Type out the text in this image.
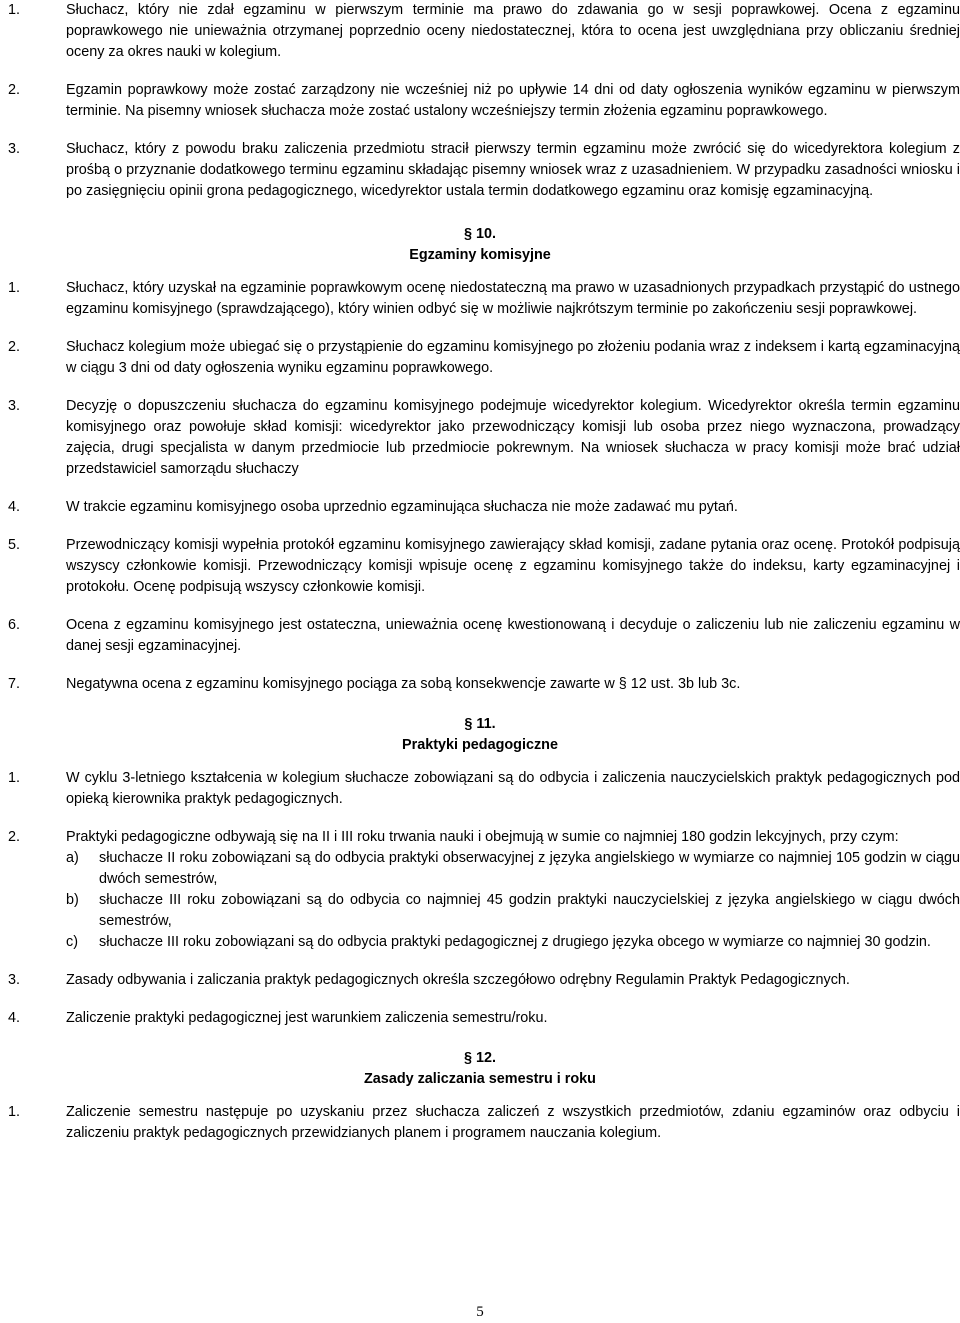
1.	Słuchacz, który nie zdał egzaminu w pierwszym terminie ma prawo do zdawania go w sesji poprawkowej. Ocena z egzaminu poprawkowego nie unieważnia otrzymanej poprzednio oceny niedostatecznej, która to ocena jest uwzględniana przy obliczaniu średniej oceny za okres nauki w kolegium.
2.	Egzamin poprawkowy może zostać zarządzony nie wcześniej niż po upływie 14 dni od daty ogłoszenia wyników egzaminu w pierwszym terminie. Na pisemny wniosek słuchacza może zostać ustalony wcześniejszy termin złożenia egzaminu poprawkowego.
3.	Słuchacz, który z powodu braku zaliczenia przedmiotu stracił pierwszy termin egzaminu może zwrócić się do wicedyrektora kolegium z prośbą o przyznanie dodatkowego terminu egzaminu składając pisemny wniosek wraz z uzasadnieniem. W przypadku zasadności wniosku i po zasięgnięciu opinii grona pedagogicznego, wicedyrektor ustala termin dodatkowego egzaminu oraz komisję egzaminacyjną.
§ 10.
Egzaminy komisyjne
1.	Słuchacz, który uzyskał na egzaminie poprawkowym ocenę niedostateczną ma prawo w uzasadnionych przypadkach przystąpić do ustnego egzaminu komisyjnego (sprawdzającego), który winien odbyć się w możliwie najkrótszym terminie po zakończeniu sesji poprawkowej.
2.	Słuchacz kolegium może ubiegać się o przystąpienie do egzaminu komisyjnego po złożeniu podania wraz z indeksem i kartą egzaminacyjną w ciągu 3 dni od daty ogłoszenia wyniku egzaminu poprawkowego.
3.	Decyzję o dopuszczeniu słuchacza do egzaminu komisyjnego podejmuje wicedyrektor kolegium. Wicedyrektor określa termin egzaminu komisyjnego oraz powołuje skład komisji: wicedyrektor jako przewodniczący komisji lub osoba przez niego wyznaczona, prowadzący zajęcia, drugi specjalista w danym przedmiocie lub przedmiocie pokrewnym. Na wniosek słuchacza w pracy komisji może brać udział przedstawiciel samorządu słuchaczy
4.	W trakcie egzaminu komisyjnego osoba uprzednio egzaminująca słuchacza nie może zadawać mu pytań.
5.	Przewodniczący komisji wypełnia protokół egzaminu komisyjnego zawierający skład komisji, zadane pytania oraz ocenę. Protokół podpisują wszyscy członkowie komisji. Przewodniczący komisji wpisuje ocenę z egzaminu komisyjnego także do indeksu, karty egzaminacyjnej i protokołu. Ocenę podpisują wszyscy członkowie komisji.
6.	Ocena z egzaminu komisyjnego jest ostateczna, unieważnia ocenę kwestionowaną i decyduje o zaliczeniu lub nie zaliczeniu egzaminu w danej sesji egzaminacyjnej.
7.	Negatywna ocena z egzaminu komisyjnego pociąga za sobą konsekwencje zawarte w § 12 ust. 3b lub 3c.
§ 11.
Praktyki pedagogiczne
1.	W cyklu 3-letniego kształcenia w kolegium słuchacze zobowiązani są do odbycia i zaliczenia nauczycielskich praktyk pedagogicznych pod opieką kierownika praktyk pedagogicznych.
2.	Praktyki pedagogiczne odbywają się na II i III roku trwania nauki i obejmują w sumie co najmniej 180 godzin lekcyjnych, przy czym:
a) słuchacze II roku zobowiązani są do odbycia praktyki obserwacyjnej z języka angielskiego w wymiarze co najmniej 105 godzin w ciągu dwóch semestrów,
b) słuchacze III roku zobowiązani są do odbycia co najmniej 45 godzin praktyki nauczycielskiej z języka angielskiego w ciągu dwóch semestrów,
c) słuchacze III roku zobowiązani są do odbycia praktyki pedagogicznej z drugiego języka obcego w wymiarze co najmniej 30 godzin.
3.	Zasady odbywania i zaliczania praktyk pedagogicznych określa szczegółowo odrębny Regulamin Praktyk Pedagogicznych.
4.	Zaliczenie praktyki pedagogicznej jest warunkiem zaliczenia semestru/roku.
§ 12.
Zasady zaliczania semestru i roku
1.	Zaliczenie semestru następuje po uzyskaniu przez słuchacza zaliczeń z wszystkich przedmiotów, zdaniu egzaminów oraz odbyciu i zaliczeniu praktyk pedagogicznych przewidzianych planem i programem nauczania kolegium.
5
